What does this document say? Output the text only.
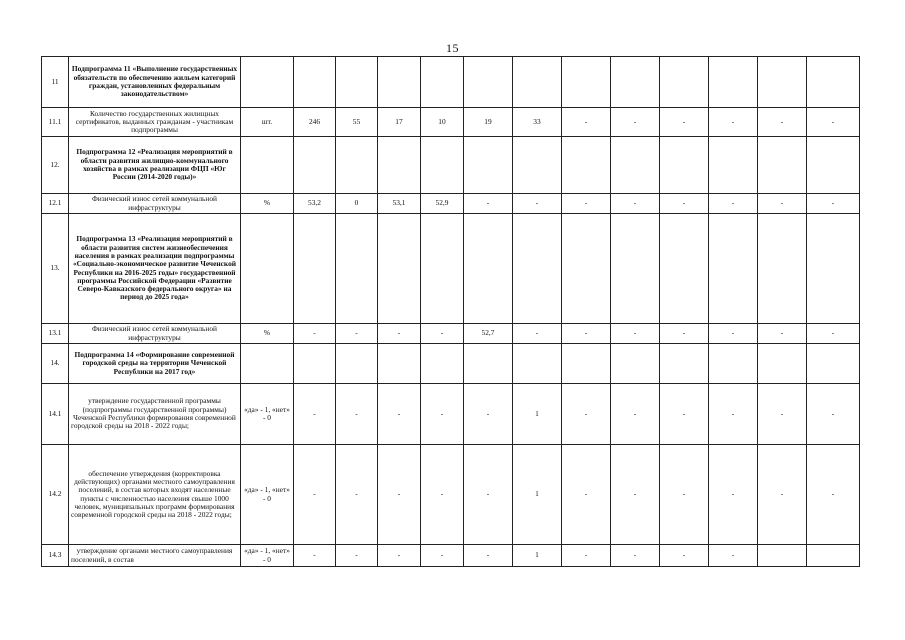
15
11	Подпрограмма 11 «Выполнение государственных обязательств по обеспечению жильем категорий граждан, установленных федеральным законодательством»													
11.1	Количество государственных жилищных сертификатов, выданных гражданам - участникам подпрограммы	шт.	246	55	17	10	19	33	-	-	-	-	-	-
12.	Подпрограмма 12 «Реализация мероприятий в области развития жилищно-коммунального хозяйства в рамках реализации ФЦП «Юг России (2014-2020 годы)»													
12.1	Физический износ сетей коммунальной инфраструктуры	%	53,2	0	53,1	52,9	-	-	-	-	-	-	-	-
13.	Подпрограмма 13 «Реализация мероприятий в области развития систем жизнеобеспечения населения в рамках реализации подпрограммы «Социально-экономическое развитие Чеченской Республики на 2016-2025 годы» государственной программы Российской Федерации «Развитие Северо-Кавказского федерального округа» на период до 2025 года»													
13.1	Физический износ сетей коммунальной инфраструктуры	%	-	-	-	-	52,7	-	-	-	-	-	-	-
14.	Подпрограмма 14 «Формирование современной городской среды на территории Чеченской Республики на 2017 год»													
14.1	утверждение государственной программы (подпрограммы государственной программы) Чеченской Республики формирования современной городской среды на 2018 - 2022 годы;	«да» - 1, «нет» - 0	-	-	-	-	-	1	-	-	-	-	-	-
14.2	обеспечение утверждения (корректировка действующих) органами местного самоуправления поселений, в состав которых входят населенные пункты с численностью населения свыше 1000 человек, муниципальных программ формирования современной городской среды на 2018 - 2022 годы;	«да» - 1, «нет» - 0	-	-	-	-	-	1	-	-	-	-	-	-
14.3	утверждение органами местного самоуправления поселений, в состав	«да» - 1, «нет» - 0	-	-	-	-	-	1	-	-	-	-		
